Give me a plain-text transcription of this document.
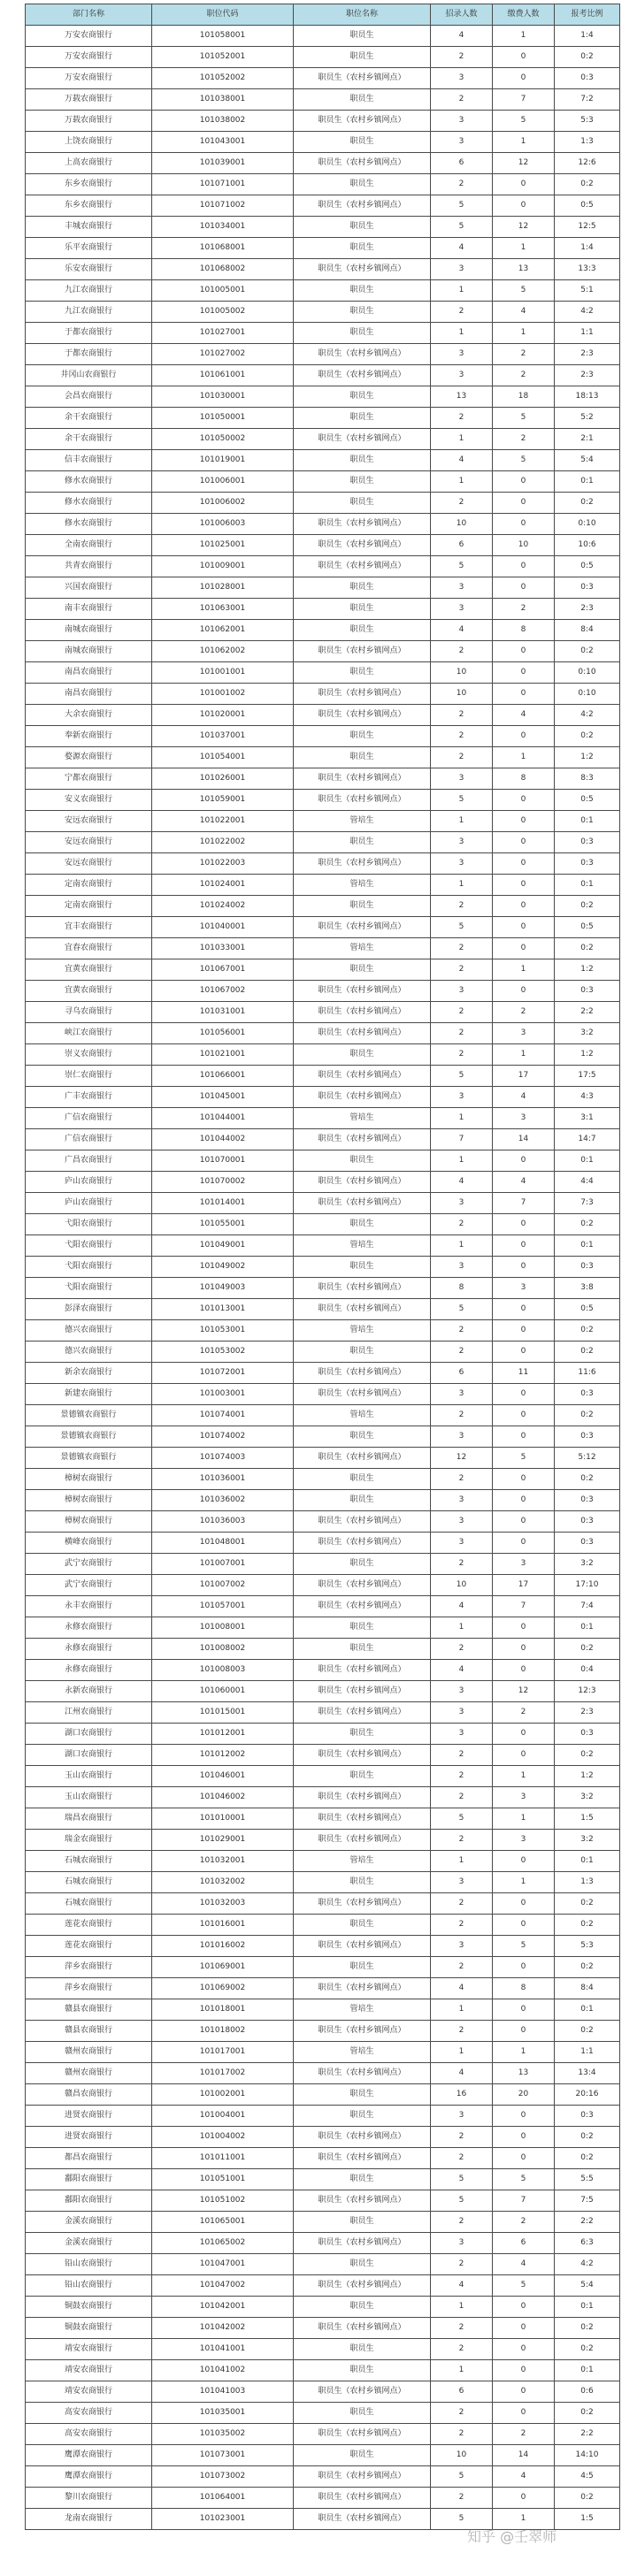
部门名称	职位代码	职位名称	招录人数	缴费人数	报考比例
万安农商银行	101058001	职员生	4	1	1:4
万安农商银行	101052001	职员生	2	0	0:2
万安农商银行	101052002	职员生（农村乡镇网点）	3	0	0:3
万载农商银行	101038001	职员生	2	7	7:2
万载农商银行	101038002	职员生（农村乡镇网点）	3	5	5:3
上饶农商银行	101043001	职员生	3	1	1:3
上高农商银行	101039001	职员生（农村乡镇网点）	6	12	12:6
东乡农商银行	101071001	职员生	2	0	0:2
东乡农商银行	101071002	职员生（农村乡镇网点）	5	0	0:5
丰城农商银行	101034001	职员生	5	12	12:5
乐平农商银行	101068001	职员生	4	1	1:4
乐安农商银行	101068002	职员生（农村乡镇网点）	3	13	13:3
九江农商银行	101005001	职员生	1	5	5:1
九江农商银行	101005002	职员生	2	4	4:2
于都农商银行	101027001	职员生	1	1	1:1
于都农商银行	101027002	职员生（农村乡镇网点）	3	2	2:3
井冈山农商银行	101061001	职员生（农村乡镇网点）	3	2	2:3
会昌农商银行	101030001	职员生	13	18	18:13
余干农商银行	101050001	职员生	2	5	5:2
余干农商银行	101050002	职员生（农村乡镇网点）	1	2	2:1
信丰农商银行	101019001	职员生	4	5	5:4
修水农商银行	101006001	职员生	1	0	0:1
修水农商银行	101006002	职员生	2	0	0:2
修水农商银行	101006003	职员生（农村乡镇网点）	10	0	0:10
全南农商银行	101025001	职员生（农村乡镇网点）	6	10	10:6
共青农商银行	101009001	职员生（农村乡镇网点）	5	0	0:5
兴国农商银行	101028001	职员生	3	0	0:3
南丰农商银行	101063001	职员生	3	2	2:3
南城农商银行	101062001	职员生	4	8	8:4
南城农商银行	101062002	职员生（农村乡镇网点）	2	0	0:2
南昌农商银行	101001001	职员生	10	0	0:10
南昌农商银行	101001002	职员生（农村乡镇网点）	10	0	0:10
大余农商银行	101020001	职员生（农村乡镇网点）	2	4	4:2
奉新农商银行	101037001	职员生	2	0	0:2
婺源农商银行	101054001	职员生	2	1	1:2
宁都农商银行	101026001	职员生（农村乡镇网点）	3	8	8:3
安义农商银行	101059001	职员生（农村乡镇网点）	5	0	0:5
安远农商银行	101022001	管培生	1	0	0:1
安远农商银行	101022002	职员生	3	0	0:3
安远农商银行	101022003	职员生（农村乡镇网点）	3	0	0:3
定南农商银行	101024001	管培生	1	0	0:1
定南农商银行	101024002	职员生	2	0	0:2
宜丰农商银行	101040001	职员生（农村乡镇网点）	5	0	0:5
宜春农商银行	101033001	管培生	2	0	0:2
宜黄农商银行	101067001	职员生	2	1	1:2
宜黄农商银行	101067002	职员生（农村乡镇网点）	3	0	0:3
寻乌农商银行	101031001	职员生（农村乡镇网点）	2	2	2:2
峡江农商银行	101056001	职员生（农村乡镇网点）	2	3	3:2
崇义农商银行	101021001	职员生	2	1	1:2
崇仁农商银行	101066001	职员生（农村乡镇网点）	5	17	17:5
广丰农商银行	101045001	职员生（农村乡镇网点）	3	4	4:3
广信农商银行	101044001	管培生	1	3	3:1
广信农商银行	101044002	职员生（农村乡镇网点）	7	14	14:7
广昌农商银行	101070001	职员生	1	0	0:1
庐山农商银行	101070002	职员生（农村乡镇网点）	4	4	4:4
庐山农商银行	101014001	职员生（农村乡镇网点）	3	7	7:3
弋阳农商银行	101055001	职员生	2	0	0:2
弋阳农商银行	101049001	管培生	1	0	0:1
弋阳农商银行	101049002	职员生	3	0	0:3
弋阳农商银行	101049003	职员生（农村乡镇网点）	8	3	3:8
彭泽农商银行	101013001	职员生（农村乡镇网点）	5	0	0:5
德兴农商银行	101053001	管培生	2	0	0:2
德兴农商银行	101053002	职员生	2	0	0:2
新余农商银行	101072001	职员生（农村乡镇网点）	6	11	11:6
新建农商银行	101003001	职员生（农村乡镇网点）	3	0	0:3
景德镇农商银行	101074001	管培生	2	0	0:2
景德镇农商银行	101074002	职员生	3	0	0:3
景德镇农商银行	101074003	职员生（农村乡镇网点）	12	5	5:12
樟树农商银行	101036001	职员生	2	0	0:2
樟树农商银行	101036002	职员生	3	0	0:3
樟树农商银行	101036003	职员生（农村乡镇网点）	3	0	0:3
横峰农商银行	101048001	职员生（农村乡镇网点）	3	0	0:3
武宁农商银行	101007001	职员生	2	3	3:2
武宁农商银行	101007002	职员生（农村乡镇网点）	10	17	17:10
永丰农商银行	101057001	职员生（农村乡镇网点）	4	7	7:4
永修农商银行	101008001	职员生	1	0	0:1
永修农商银行	101008002	职员生	2	0	0:2
永修农商银行	101008003	职员生（农村乡镇网点）	4	0	0:4
永新农商银行	101060001	职员生（农村乡镇网点）	3	12	12:3
江州农商银行	101015001	职员生（农村乡镇网点）	3	2	2:3
湖口农商银行	101012001	职员生	3	0	0:3
湖口农商银行	101012002	职员生（农村乡镇网点）	2	0	0:2
玉山农商银行	101046001	职员生	2	1	1:2
玉山农商银行	101046002	职员生（农村乡镇网点）	2	3	3:2
瑞昌农商银行	101010001	职员生（农村乡镇网点）	5	1	1:5
瑞金农商银行	101029001	职员生（农村乡镇网点）	2	3	3:2
石城农商银行	101032001	管培生	1	0	0:1
石城农商银行	101032002	职员生	3	1	1:3
石城农商银行	101032003	职员生（农村乡镇网点）	2	0	0:2
莲花农商银行	101016001	职员生	2	0	0:2
莲花农商银行	101016002	职员生（农村乡镇网点）	3	5	5:3
萍乡农商银行	101069001	职员生	2	0	0:2
萍乡农商银行	101069002	职员生（农村乡镇网点）	4	8	8:4
赣县农商银行	101018001	管培生	1	0	0:1
赣县农商银行	101018002	职员生（农村乡镇网点）	2	0	0:2
赣州农商银行	101017001	管培生	1	1	1:1
赣州农商银行	101017002	职员生（农村乡镇网点）	4	13	13:4
赣昌农商银行	101002001	职员生	16	20	20:16
进贤农商银行	101004001	职员生	3	0	0:3
进贤农商银行	101004002	职员生（农村乡镇网点）	2	0	0:2
都昌农商银行	101011001	职员生（农村乡镇网点）	2	0	0:2
鄱阳农商银行	101051001	职员生	5	5	5:5
鄱阳农商银行	101051002	职员生（农村乡镇网点）	5	7	7:5
金溪农商银行	101065001	职员生	2	2	2:2
金溪农商银行	101065002	职员生（农村乡镇网点）	3	6	6:3
铅山农商银行	101047001	职员生	2	4	4:2
铅山农商银行	101047002	职员生（农村乡镇网点）	4	5	5:4
铜鼓农商银行	101042001	职员生	1	0	0:1
铜鼓农商银行	101042002	职员生（农村乡镇网点）	2	0	0:2
靖安农商银行	101041001	职员生	2	0	0:2
靖安农商银行	101041002	职员生	1	0	0:1
靖安农商银行	101041003	职员生（农村乡镇网点）	6	0	0:6
高安农商银行	101035001	职员生	2	0	0:2
高安农商银行	101035002	职员生（农村乡镇网点）	2	2	2:2
鹰潭农商银行	101073001	职员生	10	14	14:10
鹰潭农商银行	101073002	职员生（农村乡镇网点）	5	4	4:5
黎川农商银行	101064001	职员生（农村乡镇网点）	2	0	0:2
龙南农商银行	101023001	职员生（农村乡镇网点）	5	1	1:5
知乎 @壬翠师
